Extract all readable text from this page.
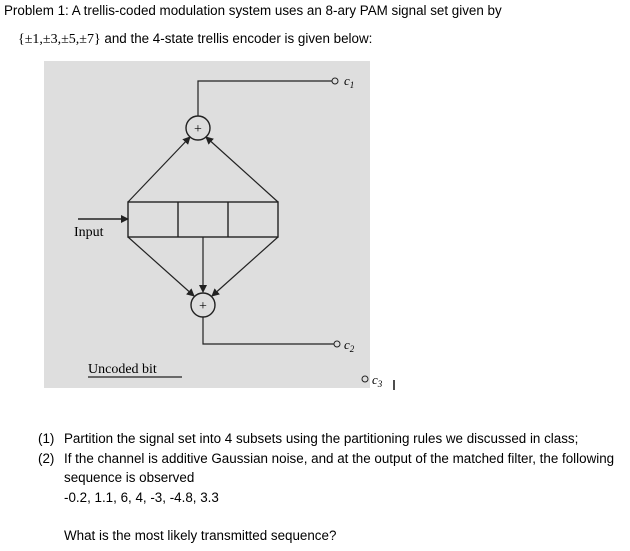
Problem 1: A trellis-coded modulation system uses an 8-ary PAM signal set given by
{±1,±3,±5,±7} and the 4-state trellis encoder is given below:
+
$c_1$
+
$c_2$
Input
Uncoded bit
$c_3$
(1) Partition the signal set into 4 subsets using the partitioning rules we discussed in class;
(2) If the channel is additive Gaussian noise, and at the output of the matched filter, the following
sequence is observed
-0.2, 1.1, 6, 4, -3, -4.8, 3.3
What is the most likely transmitted sequence?
